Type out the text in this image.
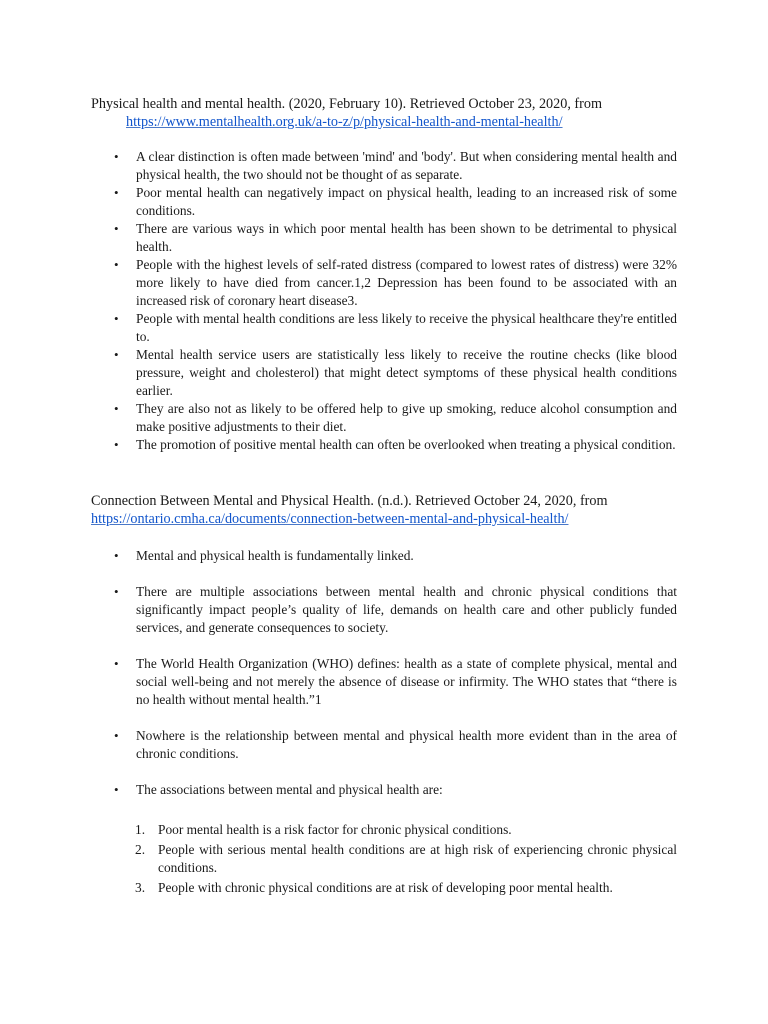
Physical health and mental health. (2020, February 10). Retrieved October 23, 2020, from
https://www.mentalhealth.org.uk/a-to-z/p/physical-health-and-mental-health/
•	A clear distinction is often made between 'mind' and 'body'. But when considering mental health and physical health, the two should not be thought of as separate.
•	Poor mental health can negatively impact on physical health, leading to an increased risk of some conditions.
•	There are various ways in which poor mental health has been shown to be detrimental to physical health.
•	People with the highest levels of self-rated distress (compared to lowest rates of distress) were 32% more likely to have died from cancer.1,2 Depression has been found to be associated with an increased risk of coronary heart disease3.
•	People with mental health conditions are less likely to receive the physical healthcare they're entitled to.
•	Mental health service users are statistically less likely to receive the routine checks (like blood pressure, weight and cholesterol) that might detect symptoms of these physical health conditions earlier.
•	They are also not as likely to be offered help to give up smoking, reduce alcohol consumption and make positive adjustments to their diet.
•	The promotion of positive mental health can often be overlooked when treating a physical condition.
Connection Between Mental and Physical Health. (n.d.). Retrieved October 24, 2020, from
https://ontario.cmha.ca/documents/connection-between-mental-and-physical-health/
•	Mental and physical health is fundamentally linked.
•	There are multiple associations between mental health and chronic physical conditions that significantly impact people’s quality of life, demands on health care and other publicly funded services, and generate consequences to society.
•	The World Health Organization (WHO) defines: health as a state of complete physical, mental and social well-being and not merely the absence of disease or infirmity. The WHO states that “there is no health without mental health.”1
•	Nowhere is the relationship between mental and physical health more evident than in the area of chronic conditions.
•	The associations between mental and physical health are:
1. Poor mental health is a risk factor for chronic physical conditions.
2. People with serious mental health conditions are at high risk of experiencing chronic physical conditions.
3. People with chronic physical conditions are at risk of developing poor mental health.
